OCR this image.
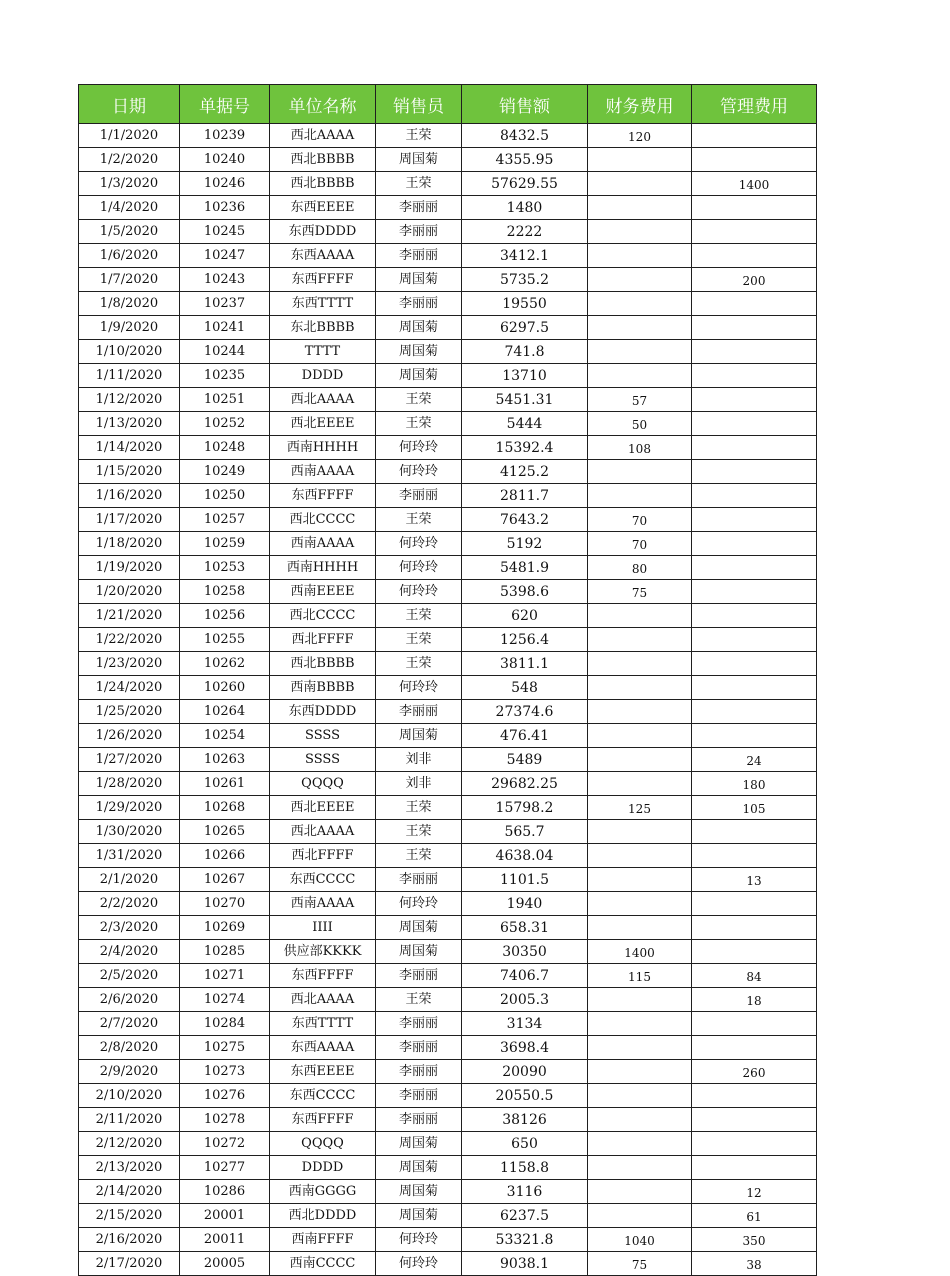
日期	单据号	单位名称	销售员	销售额	财务费用	管理费用
1/1/2020	10239	西北AAAA	王荣	8432.5	120	
1/2/2020	10240	西北BBBB	周国菊	4355.95		
1/3/2020	10246	西北BBBB	王荣	57629.55		1400
1/4/2020	10236	东西EEEE	李丽丽	1480		
1/5/2020	10245	东西DDDD	李丽丽	2222		
1/6/2020	10247	东西AAAA	李丽丽	3412.1		
1/7/2020	10243	东西FFFF	周国菊	5735.2		200
1/8/2020	10237	东西TTTT	李丽丽	19550		
1/9/2020	10241	东北BBBB	周国菊	6297.5		
1/10/2020	10244	TTTT	周国菊	741.8		
1/11/2020	10235	DDDD	周国菊	13710		
1/12/2020	10251	西北AAAA	王荣	5451.31	57	
1/13/2020	10252	西北EEEE	王荣	5444	50	
1/14/2020	10248	西南HHHH	何玲玲	15392.4	108	
1/15/2020	10249	西南AAAA	何玲玲	4125.2		
1/16/2020	10250	东西FFFF	李丽丽	2811.7		
1/17/2020	10257	西北CCCC	王荣	7643.2	70	
1/18/2020	10259	西南AAAA	何玲玲	5192	70	
1/19/2020	10253	西南HHHH	何玲玲	5481.9	80	
1/20/2020	10258	西南EEEE	何玲玲	5398.6	75	
1/21/2020	10256	西北CCCC	王荣	620		
1/22/2020	10255	西北FFFF	王荣	1256.4		
1/23/2020	10262	西北BBBB	王荣	3811.1		
1/24/2020	10260	西南BBBB	何玲玲	548		
1/25/2020	10264	东西DDDD	李丽丽	27374.6		
1/26/2020	10254	SSSS	周国菊	476.41		
1/27/2020	10263	SSSS	刘非	5489		24
1/28/2020	10261	QQQQ	刘非	29682.25		180
1/29/2020	10268	西北EEEE	王荣	15798.2	125	105
1/30/2020	10265	西北AAAA	王荣	565.7		
1/31/2020	10266	西北FFFF	王荣	4638.04		
2/1/2020	10267	东西CCCC	李丽丽	1101.5		13
2/2/2020	10270	西南AAAA	何玲玲	1940		
2/3/2020	10269	IIII	周国菊	658.31		
2/4/2020	10285	供应部KKKK	周国菊	30350	1400	
2/5/2020	10271	东西FFFF	李丽丽	7406.7	115	84
2/6/2020	10274	西北AAAA	王荣	2005.3		18
2/7/2020	10284	东西TTTT	李丽丽	3134		
2/8/2020	10275	东西AAAA	李丽丽	3698.4		
2/9/2020	10273	东西EEEE	李丽丽	20090		260
2/10/2020	10276	东西CCCC	李丽丽	20550.5		
2/11/2020	10278	东西FFFF	李丽丽	38126		
2/12/2020	10272	QQQQ	周国菊	650		
2/13/2020	10277	DDDD	周国菊	1158.8		
2/14/2020	10286	西南GGGG	周国菊	3116		12
2/15/2020	20001	西北DDDD	周国菊	6237.5		61
2/16/2020	20011	西南FFFF	何玲玲	53321.8	1040	350
2/17/2020	20005	西南CCCC	何玲玲	9038.1	75	38
